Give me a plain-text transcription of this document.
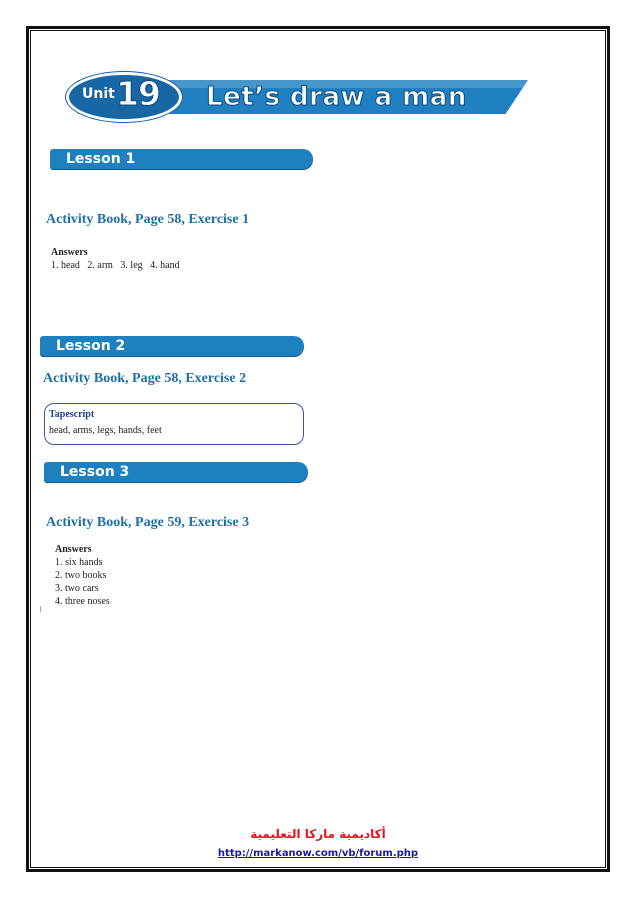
Unit 19 Let’s draw a man
Lesson 1
Activity Book, Page 58, Exercise 1
Answers
1. head   2. arm   3. leg   4. hand
Lesson 2
Activity Book, Page 58, Exercise 2
Tapescript
head, arms, legs, hands, feet
Lesson 3
Activity Book, Page 59, Exercise 3
Answers
1. six hands
2. two books
3. two cars
4. three noses
أكاديمية ماركا التعليمية
http://markanow.com/vb/forum.php
